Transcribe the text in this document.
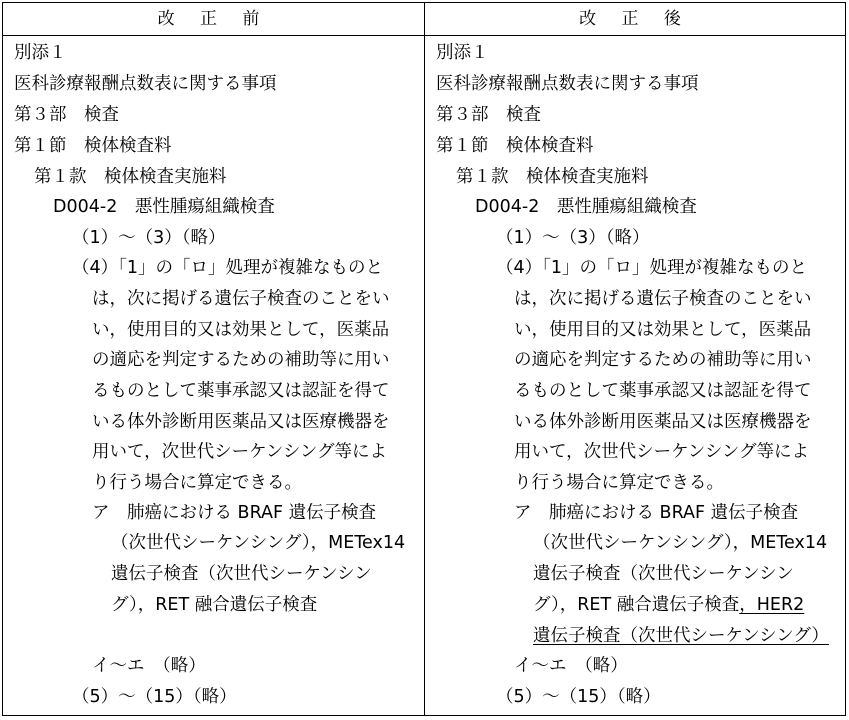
改 正 前	改 正 後
別添１
医科診療報酬点数表に関する事項
第３部　検査
第１節　検体検査料
第１款　検体検査実施料
D004-2　悪性腫瘍組織検査
（1）～（3）（略）
（4）「1」の「ロ」処理が複雑なものと
は，次に掲げる遺伝子検査のことをい
い，使用目的又は効果として，医薬品
の適応を判定するための補助等に用い
るものとして薬事承認又は認証を得て
いる体外診断用医薬品又は医療機器を
用いて，次世代シーケンシング等によ
り行う場合に算定できる。
ア　肺癌における BRAF 遺伝子検査
（次世代シーケンシング），METex14
遺伝子検査（次世代シーケンシン
グ），RET 融合遺伝子検査
イ～エ　（略）
（5）～（15）（略）
別添１
医科診療報酬点数表に関する事項
第３部　検査
第１節　検体検査料
第１款　検体検査実施料
D004-2　悪性腫瘍組織検査
（1）～（3）（略）
（4）「1」の「ロ」処理が複雑なものと
は，次に掲げる遺伝子検査のことをい
い，使用目的又は効果として，医薬品
の適応を判定するための補助等に用い
るものとして薬事承認又は認証を得て
いる体外診断用医薬品又は医療機器を
用いて，次世代シーケンシング等によ
り行う場合に算定できる。
ア　肺癌における BRAF 遺伝子検査
（次世代シーケンシング），METex14
遺伝子検査（次世代シーケンシン
グ），RET 融合遺伝子検査，HER2
遺伝子検査（次世代シーケンシング）
イ～エ　（略）
（5）～（15）（略）
